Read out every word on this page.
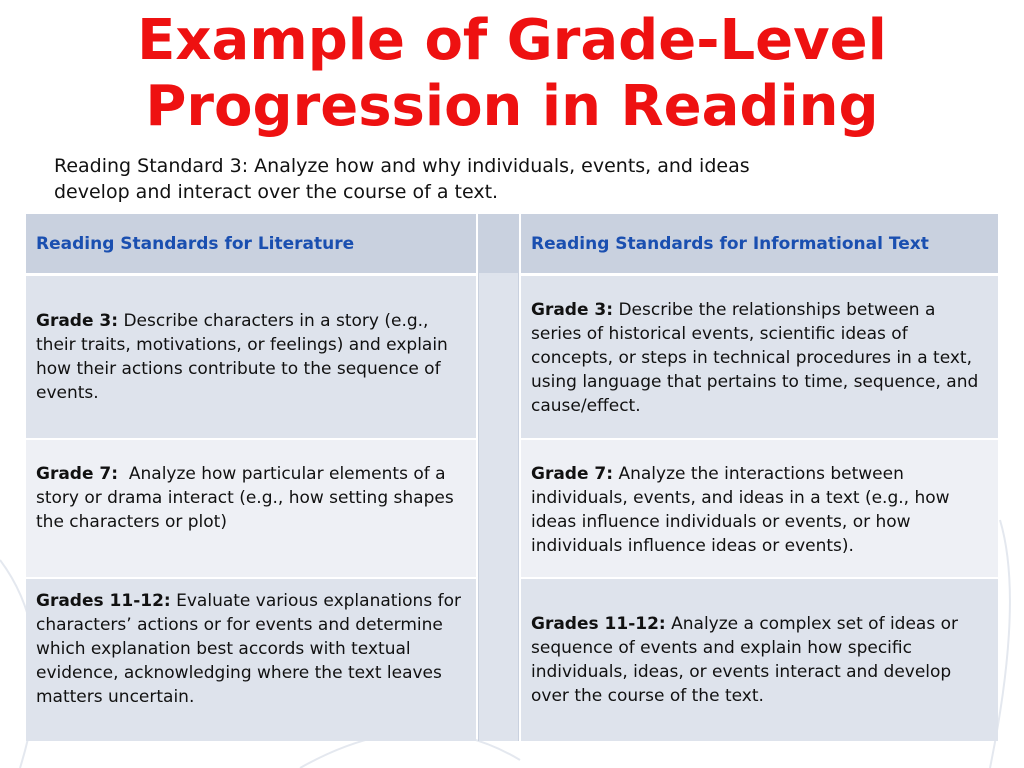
Example of Grade-Level
Progression in Reading
Reading Standard 3: Analyze how and why individuals, events, and ideas
develop and interact over the course of a text.
Reading Standards for Literature	Reading Standards for Informational Text
Grade 3: Describe characters in a story (e.g., their traits, motivations, or feelings) and explain how their actions contribute to the sequence of events.
Grade 3: Describe the relationships between a series of historical events, scientific ideas of concepts, or steps in technical procedures in a text, using language that pertains to time, sequence, and cause/effect.
Grade 7:  Analyze how particular elements of a story or drama interact (e.g., how setting shapes the characters or plot)
Grade 7: Analyze the interactions between individuals, events, and ideas in a text (e.g., how ideas influence individuals or events, or how individuals influence ideas or events).
Grades 11-12: Evaluate various explanations for characters’ actions or for events and determine which explanation best accords with textual evidence, acknowledging where the text leaves matters uncertain.
Grades 11-12: Analyze a complex set of ideas or sequence of events and explain how specific individuals, ideas, or events interact and develop over the course of the text.
